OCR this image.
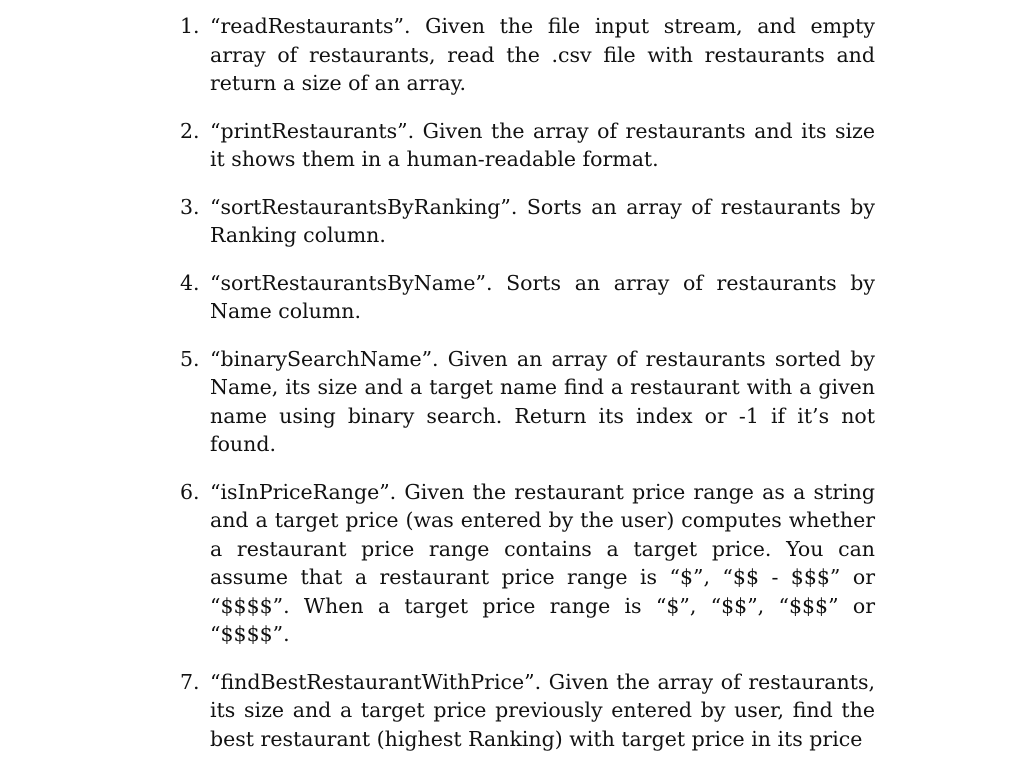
1. “readRestaurants”. Given the file input stream, and empty array of restaurants, read the .csv file with restaurants and return a size of an array.
2. “printRestaurants”. Given the array of restaurants and its size it shows them in a human-readable format.
3. “sortRestaurantsByRanking”. Sorts an array of restaurants by Ranking column.
4. “sortRestaurantsByName”. Sorts an array of restaurants by Name column.
5. “binarySearchName”. Given an array of restaurants sorted by Name, its size and a target name find a restaurant with a given name using binary search. Return its index or -1 if it’s not found.
6. “isInPriceRange”. Given the restaurant price range as a string and a target price (was entered by the user) computes whether a restaurant price range contains a target price. You can assume that a restaurant price range is “$”, “$$ - $$$” or “$$$$”. When a target price range is “$”, “$$”, “$$$” or “$$$$”.
7. “findBestRestaurantWithPrice”. Given the array of restaurants, its size and a target price previously entered by user, find the best restaurant (highest Ranking) with target price in its price
